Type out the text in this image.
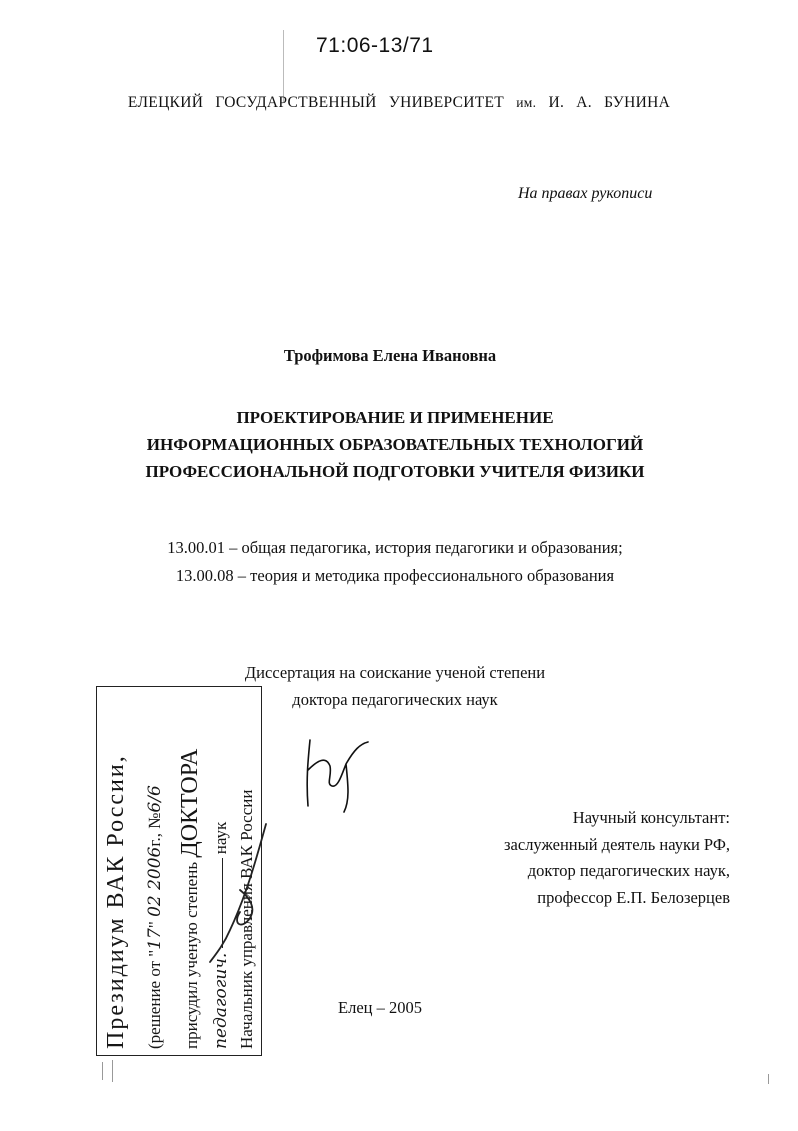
71:06-13/71
ЕЛЕЦКИЙ ГОСУДАРСТВЕННЫЙ УНИВЕРСИТЕТ им. И. А. БУНИНА
На правах рукописи
Трофимова Елена Ивановна
ПРОЕКТИРОВАНИЕ И ПРИМЕНЕНИЕ
ИНФОРМАЦИОННЫХ ОБРАЗОВАТЕЛЬНЫХ ТЕХНОЛОГИЙ
ПРОФЕССИОНАЛЬНОЙ ПОДГОТОВКИ УЧИТЕЛЯ ФИЗИКИ
13.00.01 – общая педагогика, история педагогики и образования;
13.00.08 – теория и методика профессионального образования
Диссертация на соискание ученой степени
доктора педагогических наук
Научный консультант:
заслуженный деятель науки РФ,
доктор педагогических наук,
профессор Е.П. Белозерцев
Елец – 2005
Президиум ВАК России, (решение от "17" 02 2006г., №6/6
присудил ученую степень ДОКТОРА
педагогич.  наук Начальник управления ВАК России
